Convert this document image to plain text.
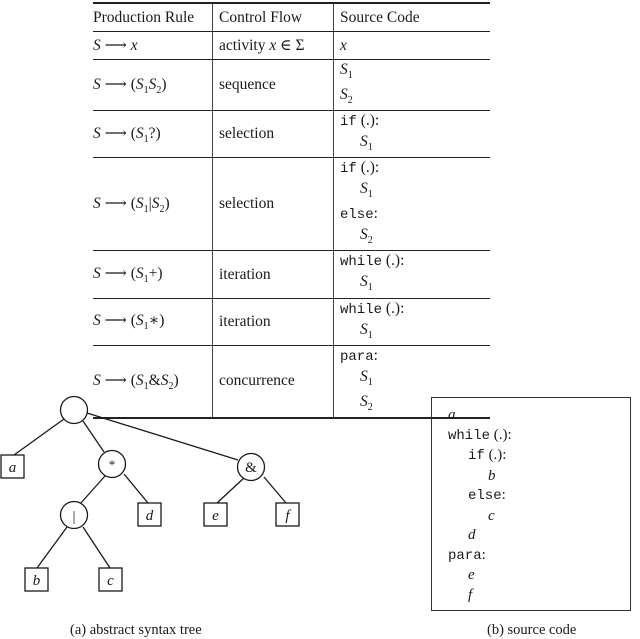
Production Rule	Control Flow	Source Code
S ⟶ x	activity x ∈ Σ	x
S ⟶ $(S_1S_2)$	sequence	$S_1$
$S_2$

S ⟶ $(S_1?)$	selection	if (.):
$S_1$

S ⟶ $(S_1|S_2)$	selection	if (.):
$S_1$
else:
$S_2$

S ⟶ $(S_1+)$	iteration	while (.):
$S_1$

S ⟶ $(S_1∗)$	iteration	while (.):
$S_1$

S ⟶ $(S_1\&S_2)$	concurrence	para:
$S_1$
$S_2$
*	&
|
a
d	e	f
b	c
(a) abstract syntax tree
a
while (.):
if (.):
b
else:
c
d
para:
e
f
(b) source code
